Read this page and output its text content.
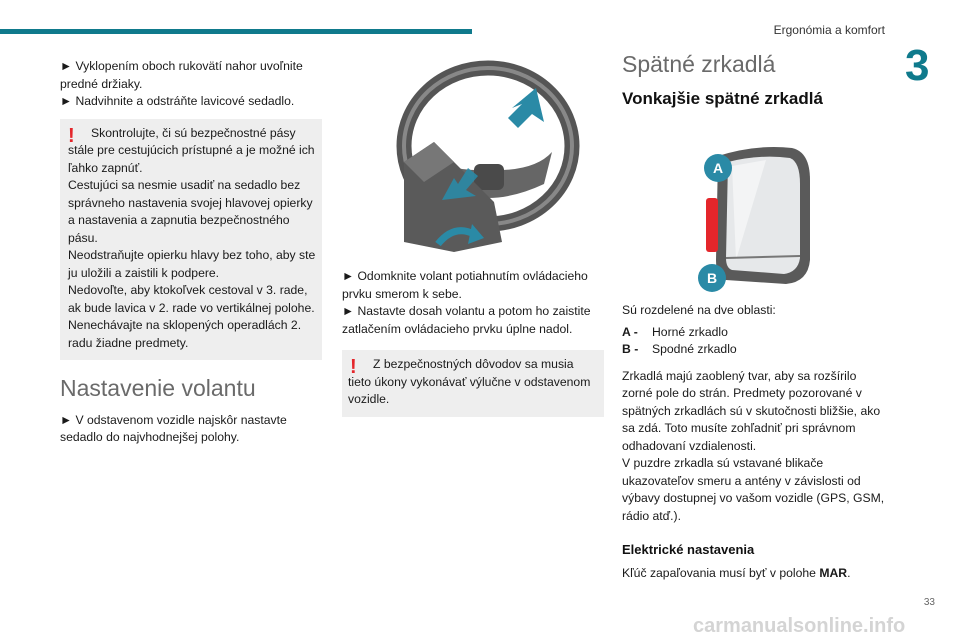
Ergonómia a komfort
3

► Vyklopením oboch rukovätí nahor uvoľnite predné držiaky.

► Nadvihnite a odstráňte lavicové sedadlo.

!	Skontrolujte, či sú bezpečnostné pásy

stále pre cestujúcich prístupné a je možné ich ľahko zapnúť.

Cestujúci sa nesmie usadiť na sedadlo bez správneho nastavenia svojej hlavovej opierky a nastavenia a zapnutia bezpečnostného pásu.

Neodstraňujte opierku hlavy bez toho, aby ste ju uložili a zaistili k podpere.

Nedovoľte, aby ktokoľvek cestoval v 3. rade, ak bude lavica v 2. rade vo vertikálnej polohe.

Nenechávajte na sklopených operadlách 2. radu žiadne predmety.

Nastavenie volantu

► V odstavenom vozidle najskôr nastavte sedadlo do najvhodnejšej polohy.

► Odomknite volant potiahnutím ovládacieho prvku smerom k sebe.

► Nastavte dosah volantu a potom ho zaistite zatlačením ovládacieho prvku úplne nadol.

!	Z bezpečnostných dôvodov sa musia

tieto úkony vykonávať výlučne v odstavenom vozidle.

Spätné zrkadlá
Vonkajšie spätné zrkadlá
A
B

Sú rozdelené na dve oblasti:

A -	Horné zrkadlo
B -	Spodné zrkadlo

Zrkadlá majú zaoblený tvar, aby sa rozšírilo zorné pole do strán. Predmety pozorované v spätných zrkadlách sú v skutočnosti bližšie, ako sa zdá. Toto musíte zohľadniť pri správnom odhadovaní vzdialenosti.

V puzdre zrkadla sú vstavané blikače ukazovateľov smeru a antény v závislosti od výbavy dostupnej vo vašom vozidle (GPS, GSM, rádio atď.).

Elektrické nastavenia

Kľúč zapaľovania musí byť v polohe MAR.

33
carmanualsonline.info
